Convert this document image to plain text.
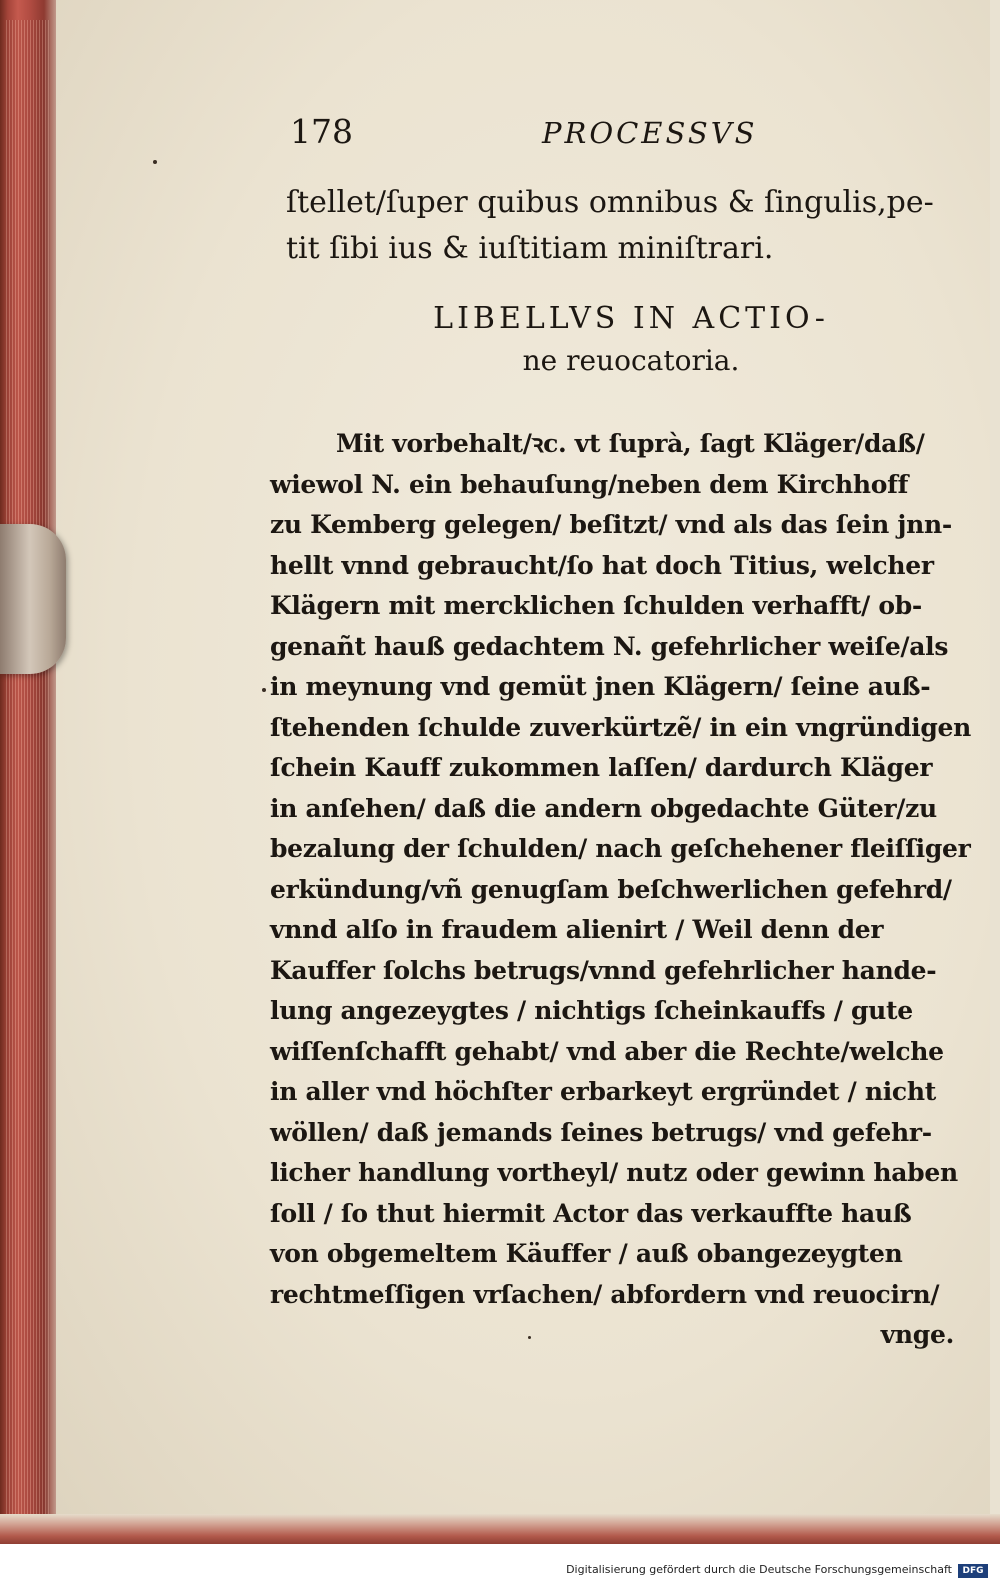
178	PROCESSVS
ſtellet/ſuper quibus omnibus & ſingulis,pe-
tit ſibi ius & iuſtitiam miniſtrari.
LIBELLVS IN ACTIO-
ne reuocatoria.
Mit vorbehalt/ꝛc. vt ſuprà, ſagt Kläger/daß/
wiewol N. ein behauſung/neben dem Kirchhoff
zu Kemberg gelegen/ beſitzt/ vnd als das ſein jnn-
hellt vnnd gebraucht/ſo hat doch Titius, welcher
Klägern mit mercklichen ſchulden verhafft/ ob-
genañt hauß gedachtem N. gefehrlicher weiſe/als
in meynung vnd gemüt jnen Klägern/ ſeine auß-
ſtehenden ſchulde zuverkürtzẽ/ in ein vngründigen
ſchein Kauff zukommen laſſen/ dardurch Kläger
in anſehen/ daß die andern obgedachte Güter/zu
bezalung der ſchulden/ nach geſchehener fleiſſiger
erkündung/vñ genugſam beſchwerlichen gefehrd/
vnnd alſo in fraudem alienirt / Weil denn der
Kauffer ſolchs betrugs/vnnd gefehrlicher hande-
lung angezeygtes / nichtigs ſcheinkauffs / gute
wiſſenſchafft gehabt/ vnd aber die Rechte/welche
in aller vnd höchſter erbarkeyt ergründet / nicht
wöllen/ daß jemands ſeines betrugs/ vnd gefehr-
licher handlung vortheyl/ nutz oder gewinn haben
ſoll / ſo thut hiermit Actor das verkauffte hauß
von obgemeltem Käuffer / auß obangezeygten
rechtmeſſigen vrſachen/ abfordern vnd reuocirn/
vnge.
Digitalisierung gefördert durch die Deutsche Forschungsgemeinschaft	DFG
